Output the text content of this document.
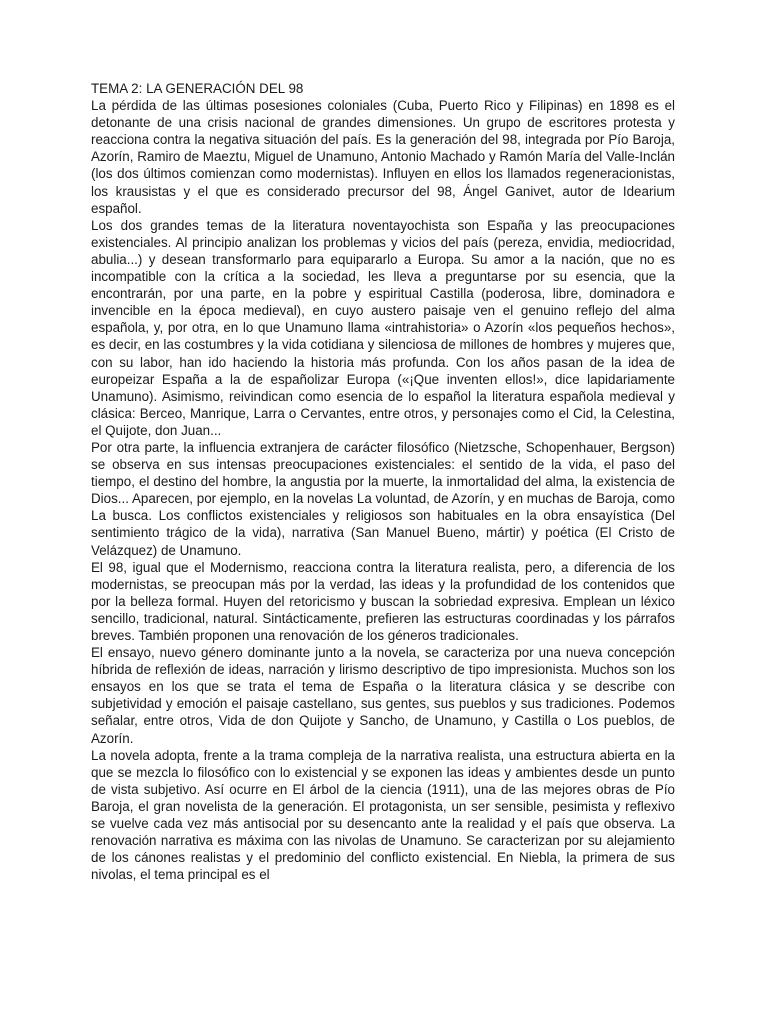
TEMA 2: LA GENERACIÓN DEL 98

La pérdida de las últimas posesiones coloniales (Cuba, Puerto Rico y Filipinas) en 1898 es el detonante de una crisis nacional de grandes dimensiones. Un grupo de escritores protesta y reacciona contra la negativa situación del país. Es la generación del 98, integrada por Pío Baroja, Azorín, Ramiro de Maeztu, Miguel de Unamuno, Antonio Machado y Ramón María del Valle-Inclán (los dos últimos comienzan como modernistas). Influyen en ellos los llamados regeneracionistas, los krausistas y el que es considerado precursor del 98, Ángel Ganivet, autor de Idearium español.

Los dos grandes temas de la literatura noventayochista son España y las preocupaciones existenciales. Al principio analizan los problemas y vicios del país (pereza, envidia, mediocridad, abulia...) y desean transformarlo para equipararlo a Europa. Su amor a la nación, que no es incompatible con la crítica a la sociedad, les lleva a preguntarse por su esencia, que la encontrarán, por una parte, en la pobre y espiritual Castilla (poderosa, libre, dominadora e invencible en la época medieval), en cuyo austero paisaje ven el genuino reflejo del alma española, y, por otra, en lo que Unamuno llama «intrahistoria» o Azorín «los pequeños hechos», es decir, en las costumbres y la vida cotidiana y silenciosa de millones de hombres y mujeres que, con su labor, han ido haciendo la historia más profunda. Con los años pasan de la idea de europeizar España a la de españolizar Europa («¡Que inventen ellos!», dice lapidariamente Unamuno). Asimismo, reivindican como esencia de lo español la literatura española medieval y clásica: Berceo, Manrique, Larra o Cervantes, entre otros, y personajes como el Cid, la Celestina, el Quijote, don Juan...

Por otra parte, la influencia extranjera de carácter filosófico (Nietzsche, Schopenhauer, Bergson) se observa en sus intensas preocupaciones existenciales: el sentido de la vida, el paso del tiempo, el destino del hombre, la angustia por la muerte, la inmortalidad del alma, la existencia de Dios... Aparecen, por ejemplo, en la novelas La voluntad, de Azorín, y en muchas de Baroja, como La busca. Los conflictos existenciales y religiosos son habituales en la obra ensayística (Del sentimiento trágico de la vida), narrativa (San Manuel Bueno, mártir) y poética (El Cristo de Velázquez) de Unamuno.

El 98, igual que el Modernismo, reacciona contra la literatura realista, pero, a diferencia de los modernistas, se preocupan más por la verdad, las ideas y la profundidad de los contenidos que por la belleza formal. Huyen del retoricismo y buscan la sobriedad expresiva. Emplean un léxico sencillo, tradicional, natural. Sintácticamente, prefieren las estructuras coordinadas y los párrafos breves. También proponen una renovación de los géneros tradicionales.

El ensayo, nuevo género dominante junto a la novela, se caracteriza por una nueva concepción híbrida de reflexión de ideas, narración y lirismo descriptivo de tipo impresionista. Muchos son los ensayos en los que se trata el tema de España o la literatura clásica y se describe con subjetividad y emoción el paisaje castellano, sus gentes, sus pueblos y sus tradiciones. Podemos señalar, entre otros, Vida de don Quijote y Sancho, de Unamuno, y Castilla o Los pueblos, de Azorín.

La novela adopta, frente a la trama compleja de la narrativa realista, una estructura abierta en la que se mezcla lo filosófico con lo existencial y se exponen las ideas y ambientes desde un punto de vista subjetivo. Así ocurre en El árbol de la ciencia (1911), una de las mejores obras de Pío Baroja, el gran novelista de la generación. El protagonista, un ser sensible, pesimista y reflexivo se vuelve cada vez más antisocial por su desencanto ante la realidad y el país que observa. La renovación narrativa es máxima con las nivolas de Unamuno. Se caracterizan por su alejamiento de los cánones realistas y el predominio del conflicto existencial. En Niebla, la primera de sus nivolas, el tema principal es el
